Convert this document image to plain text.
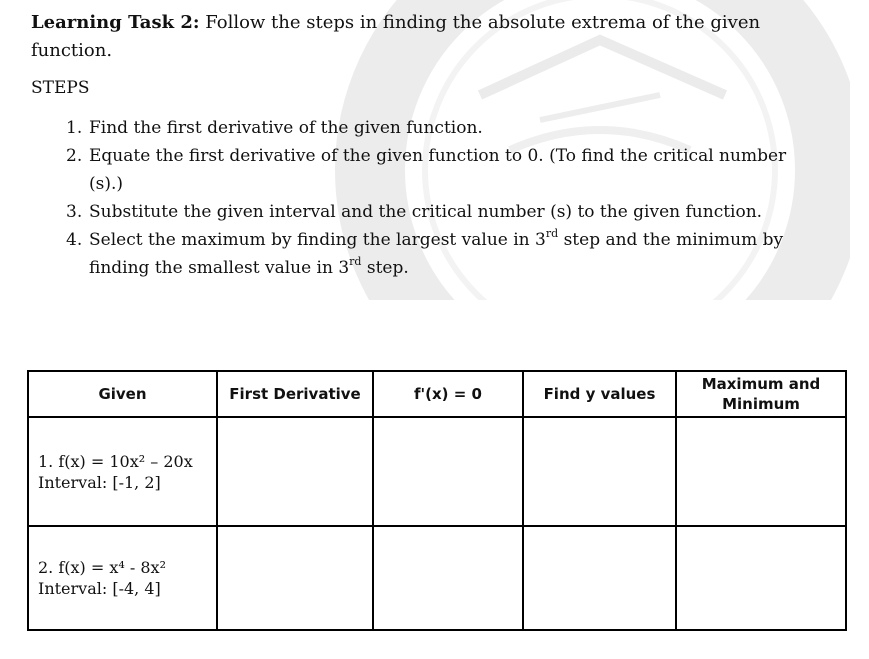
Learning Task 2: Follow the steps in finding the absolute extrema of the given
function.

STEPS

1. Find the first derivative of the given function.
2. Equate the first derivative of the given function to 0. (To find the critical number (s).)
3. Substitute the given interval and the critical number (s) to the given function.
4. Select the maximum by finding the largest value in 3rd step and the minimum by finding the smallest value in 3rd step.
Given	First Derivative	f'(x) = 0	Find y values	Maximum and Minimum

1. f(x) = 10x² – 20x
Interval: [-1, 2]				

2. f(x) = x⁴ - 8x²
Interval: [-4, 4]				
